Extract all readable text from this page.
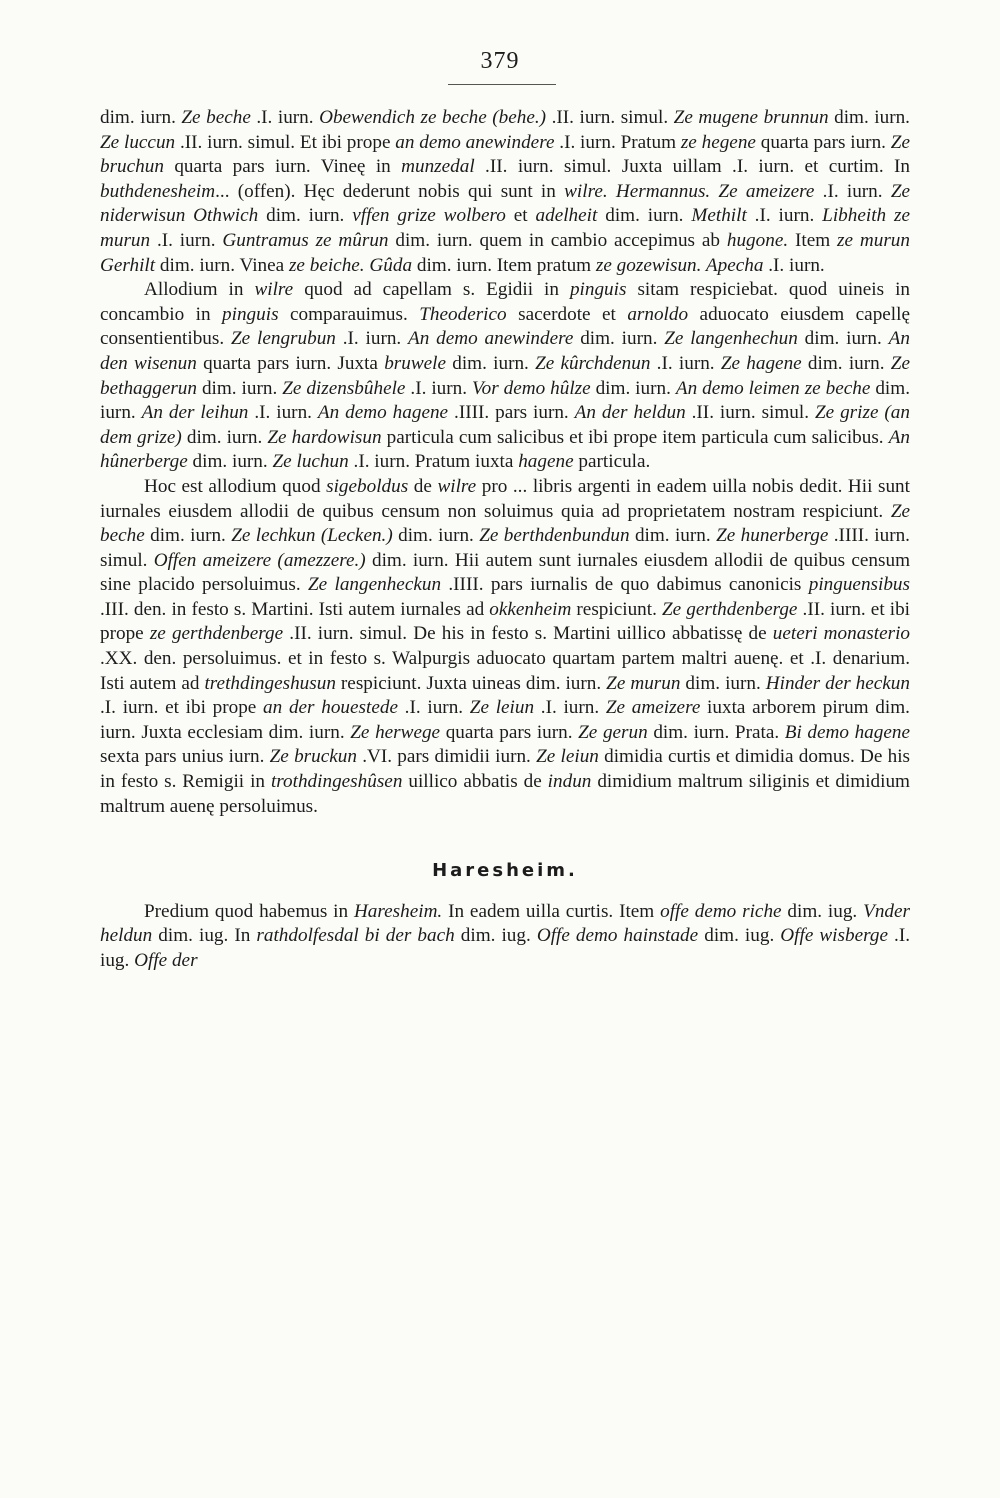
379

dim. iurn. Ze beche .I. iurn. Obewendich ze beche (behe.) .II. iurn. simul. Ze mugene brunnun dim. iurn. Ze luccun .II. iurn. simul. Et ibi prope an demo anewindere .I. iurn. Pratum ze hegene quarta pars iurn. Ze bruchun quarta pars iurn. Vineę in munzedal .II. iurn. simul. Juxta uillam .I. iurn. et curtim. In buthdenesheim... (offen). Hęc dederunt nobis qui sunt in wilre. Hermannus. Ze ameizere .I. iurn. Ze niderwisun Othwich dim. iurn. vffen grize wolbero et adelheit dim. iurn. Methilt .I. iurn. Libheith ze murun .I. iurn. Guntramus ze mûrun dim. iurn. quem in cambio accepimus ab hugone. Item ze murun Gerhilt dim. iurn. Vinea ze beiche. Gûda dim. iurn. Item pratum ze gozewisun. Apecha .I. iurn.

Allodium in wilre quod ad capellam s. Egidii in pinguis sitam respiciebat. quod uineis in concambio in pinguis comparauimus. Theoderico sacerdote et arnoldo aduocato eiusdem capellę consentientibus. Ze lengrubun .I. iurn. An demo anewindere dim. iurn. Ze langenhechun dim. iurn. An den wisenun quarta pars iurn. Juxta bruwele dim. iurn. Ze kûrchdenun .I. iurn. Ze hagene dim. iurn. Ze bethaggerun dim. iurn. Ze dizensbûhele .I. iurn. Vor demo hûlze dim. iurn. An demo leimen ze beche dim. iurn. An der leihun .I. iurn. An demo hagene .IIII. pars iurn. An der heldun .II. iurn. simul. Ze grize (an dem grize) dim. iurn. Ze hardowisun particula cum salicibus et ibi prope item particula cum salicibus. An hûnerberge dim. iurn. Ze luchun .I. iurn. Pratum iuxta hagene particula.

Hoc est allodium quod sigeboldus de wilre pro ... libris argenti in eadem uilla nobis dedit. Hii sunt iurnales eiusdem allodii de quibus censum non soluimus quia ad proprietatem nostram respiciunt. Ze beche dim. iurn. Ze lechkun (Lecken.) dim. iurn. Ze berthdenbundun dim. iurn. Ze hunerberge .IIII. iurn. simul. Offen ameizere (amezzere.) dim. iurn. Hii autem sunt iurnales eiusdem allodii de quibus censum sine placido persoluimus. Ze langenheckun .IIII. pars iurnalis de quo dabimus canonicis pinguensibus .III. den. in festo s. Martini. Isti autem iurnales ad okkenheim respiciunt. Ze gerthdenberge .II. iurn. et ibi prope ze gerthdenberge .II. iurn. simul. De his in festo s. Martini uillico abbatissę de ueteri monasterio .XX. den. persoluimus. et in festo s. Walpurgis aduocato quartam partem maltri auenę. et .I. denarium. Isti autem ad trethdingeshusun respiciunt. Juxta uineas dim. iurn. Ze murun dim. iurn. Hinder der heckun .I. iurn. et ibi prope an der houestede .I. iurn. Ze leiun .I. iurn. Ze ameizere iuxta arborem pirum dim. iurn. Juxta ecclesiam dim. iurn. Ze herwege quarta pars iurn. Ze gerun dim. iurn. Prata. Bi demo hagene sexta pars unius iurn. Ze bruckun .VI. pars dimidii iurn. Ze leiun dimidia curtis et dimidia domus. De his in festo s. Remigii in trothdingeshûsen uillico abbatis de indun dimidium maltrum siliginis et dimidium maltrum auenę persoluimus.

Haresheim.

Predium quod habemus in Haresheim. In eadem uilla curtis. Item offe demo riche dim. iug. Vnder heldun dim. iug. In rathdolfesdal bi der bach dim. iug. Offe demo hainstade dim. iug. Offe wisberge .I. iug. Offe der
